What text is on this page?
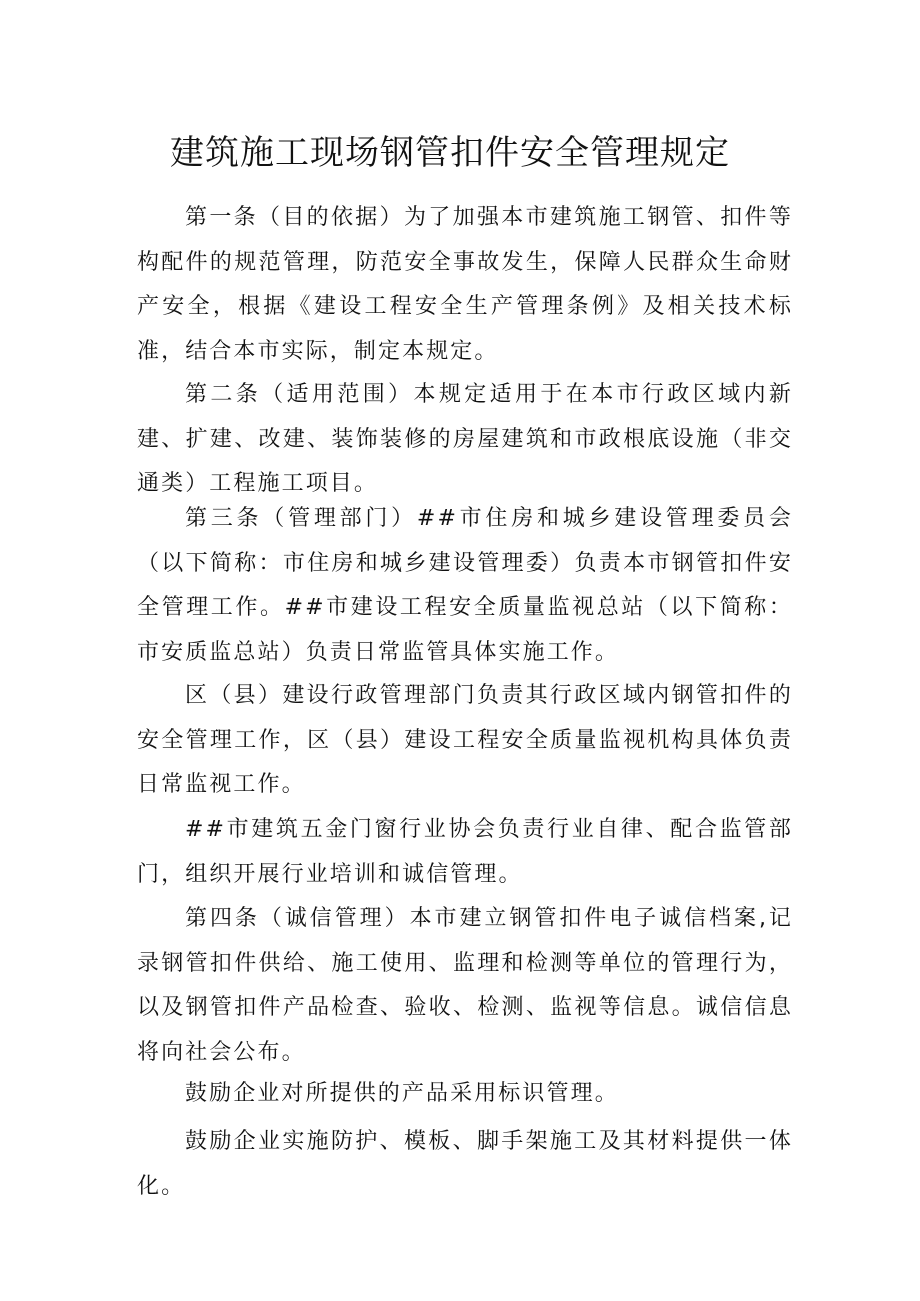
建筑施工现场钢管扣件安全管理规定

第一条（目的依据）为了加强本市建筑施工钢管、扣件等构配件的规范管理，防范安全事故发生，保障人民群众生命财产安全，根据《建设工程安全生产管理条例》及相关技术标准，结合本市实际，制定本规定。

第二条（适用范围）本规定适用于在本市行政区域内新建、扩建、改建、装饰装修的房屋建筑和市政根底设施（非交通类）工程施工项目。

第三条（管理部门）##市住房和城乡建设管理委员会（以下简称：市住房和城乡建设管理委）负责本市钢管扣件安全管理工作。##市建设工程安全质量监视总站（以下简称：市安质监总站）负责日常监管具体实施工作。

区（县）建设行政管理部门负责其行政区域内钢管扣件的安全管理工作，区（县）建设工程安全质量监视机构具体负责日常监视工作。

##市建筑五金门窗行业协会负责行业自律、配合监管部门，组织开展行业培训和诚信管理。

第四条（诚信管理）本市建立钢管扣件电子诚信档案,记录钢管扣件供给、施工使用、监理和检测等单位的管理行为，以及钢管扣件产品检查、验收、检测、监视等信息。诚信信息将向社会公布。

鼓励企业对所提供的产品采用标识管理。

鼓励企业实施防护、模板、脚手架施工及其材料提供一体化。
